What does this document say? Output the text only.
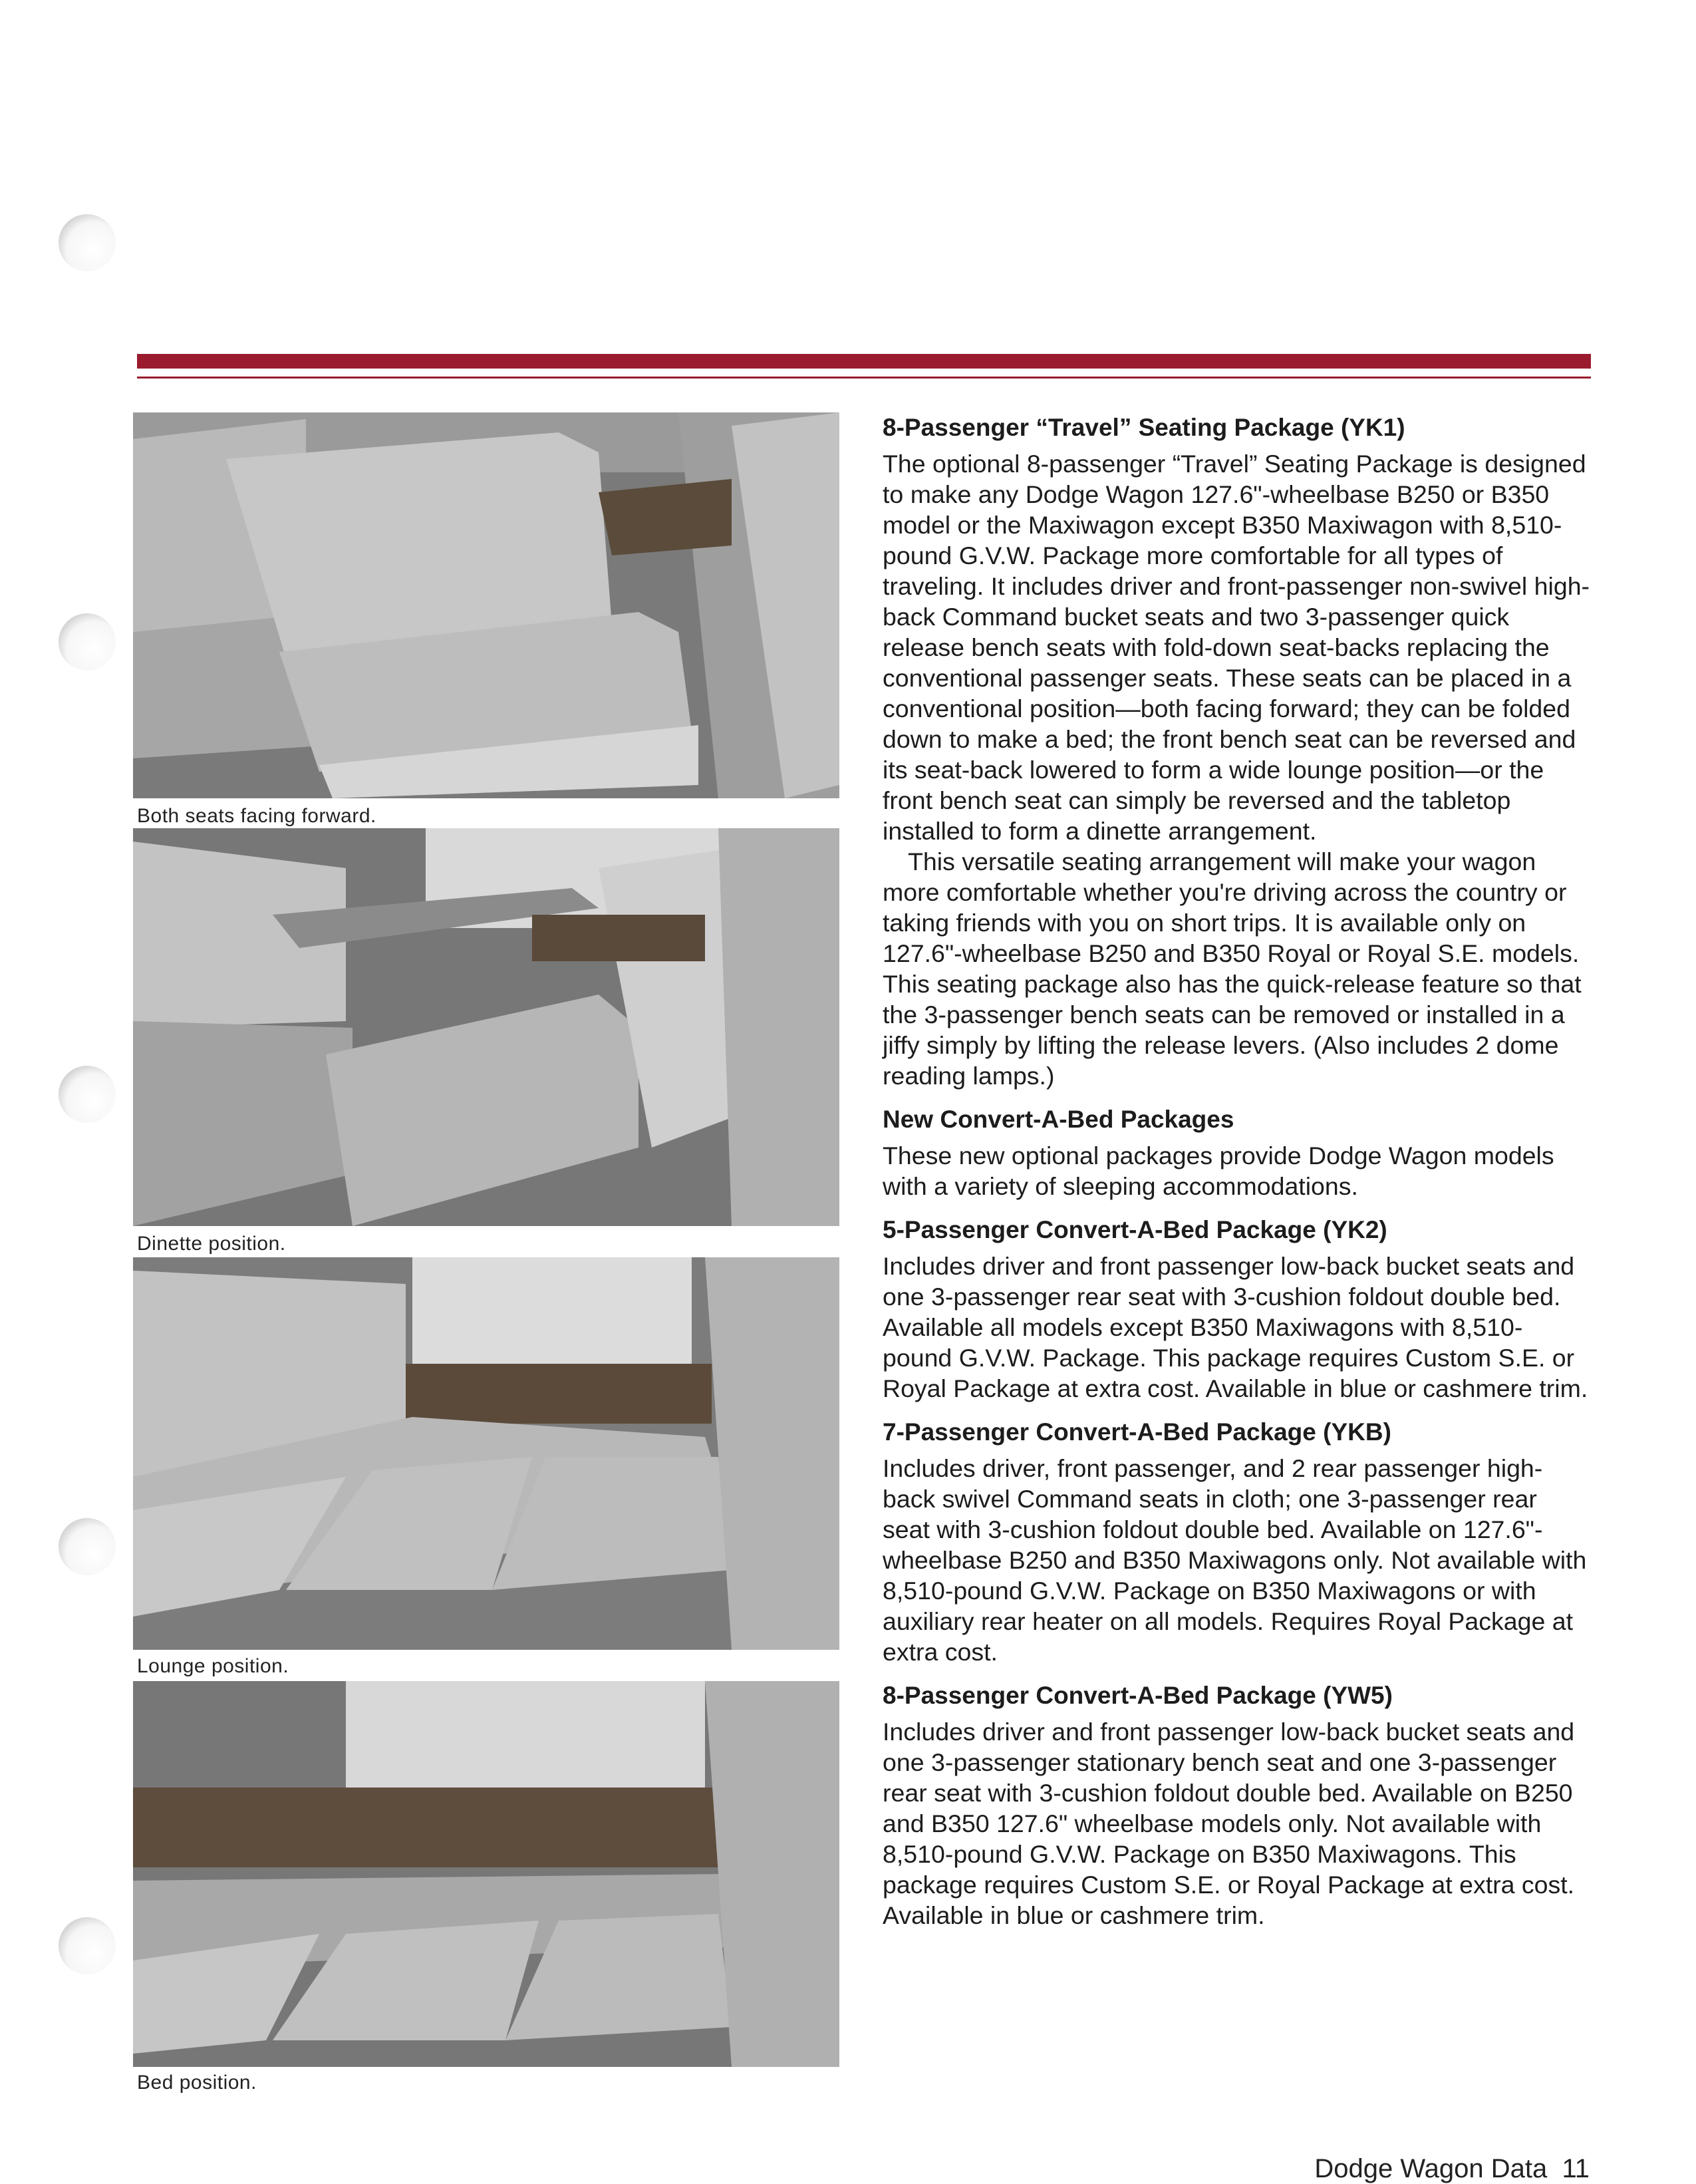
Both seats facing forward.
Dinette position.
Lounge position.
Bed position.
8-Passenger “Travel” Seating Package (YK1)

The optional 8-passenger “Travel” Seating Package is designed to make any Dodge Wagon 127.6"-wheelbase B250 or B350 model or the Maxiwagon except B350 Maxiwagon with 8,510-pound G.V.W. Package more comfortable for all types of traveling. It includes driver and front-passenger non-swivel high-back Command bucket seats and two 3-passenger quick release bench seats with fold-down seat-backs replacing the conventional passenger seats. These seats can be placed in a conventional position—both facing forward; they can be folded down to make a bed; the front bench seat can be reversed and its seat-back lowered to form a wide lounge position—or the front bench seat can simply be reversed and the tabletop installed to form a dinette arrangement.

This versatile seating arrangement will make your wagon more comfortable whether you're driving across the country or taking friends with you on short trips. It is available only on 127.6"-wheelbase B250 and B350 Royal or Royal S.E. models. This seating package also has the quick-release feature so that the 3-passenger bench seats can be removed or installed in a jiffy simply by lifting the release levers. (Also includes 2 dome reading lamps.)

New Convert-A-Bed Packages

These new optional packages provide Dodge Wagon models with a variety of sleeping accommodations.

5-Passenger Convert-A-Bed Package (YK2)

Includes driver and front passenger low-back bucket seats and one 3-passenger rear seat with 3-cushion foldout double bed. Available all models except B350 Maxiwagons with 8,510-pound G.V.W. Package. This package requires Custom S.E. or Royal Package at extra cost. Available in blue or cashmere trim.

7-Passenger Convert-A-Bed Package (YKB)

Includes driver, front passenger, and 2 rear passenger high-back swivel Command seats in cloth; one 3-passenger rear seat with 3-cushion foldout double bed. Available on 127.6"-wheelbase B250 and B350 Maxiwagons only. Not available with 8,510-pound G.V.W. Package on B350 Maxiwagons or with auxiliary rear heater on all models. Requires Royal Package at extra cost.

8-Passenger Convert-A-Bed Package (YW5)

Includes driver and front passenger low-back bucket seats and one 3-passenger stationary bench seat and one 3-passenger rear seat with 3-cushion foldout double bed. Available on B250 and B350 127.6" wheelbase models only. Not available with 8,510-pound G.V.W. Package on B350 Maxiwagons. This package requires Custom S.E. or Royal Package at extra cost. Available in blue or cashmere trim.

Dodge Wagon Data  11
